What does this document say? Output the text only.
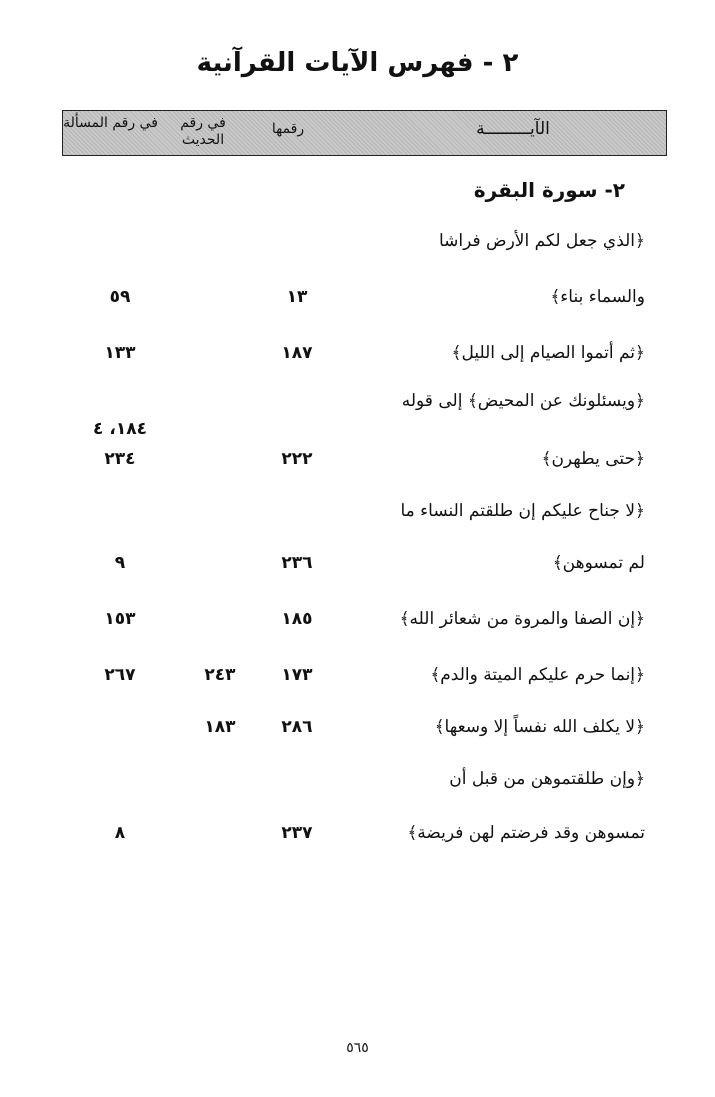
٢ - فهرس الآيات القرآنية
الآيـــــــــة
رقمها
في رقم الحديث
في رقم المسألة
٢- سورة البقرة
﴿الذي جعل لكم الأرض فراشا
والسماء بناء﴾
١٣
٥٩
﴿ثم أتموا الصيام إلى الليل﴾
١٨٧
١٣٣
﴿ويسئلونك عن المحيض﴾ إلى قوله
١٨٤، ٤
﴿حتى يطهرن﴾
٢٢٢
٢٣٤
﴿لا جناح عليكم إن طلقتم النساء ما
لم تمسوهن﴾
٢٣٦
٩
﴿إن الصفا والمروة من شعائر الله﴾
١٨٥
١٥٣
﴿إنما حرم عليكم الميتة والدم﴾
١٧٣
٢٤٣
٢٦٧
﴿لا يكلف الله نفساً إلا وسعها﴾
٢٨٦
١٨٣
﴿وإن طلقتموهن من قبل أن
تمسوهن وقد فرضتم لهن فريضة﴾
٢٣٧
٨
٥٦٥
